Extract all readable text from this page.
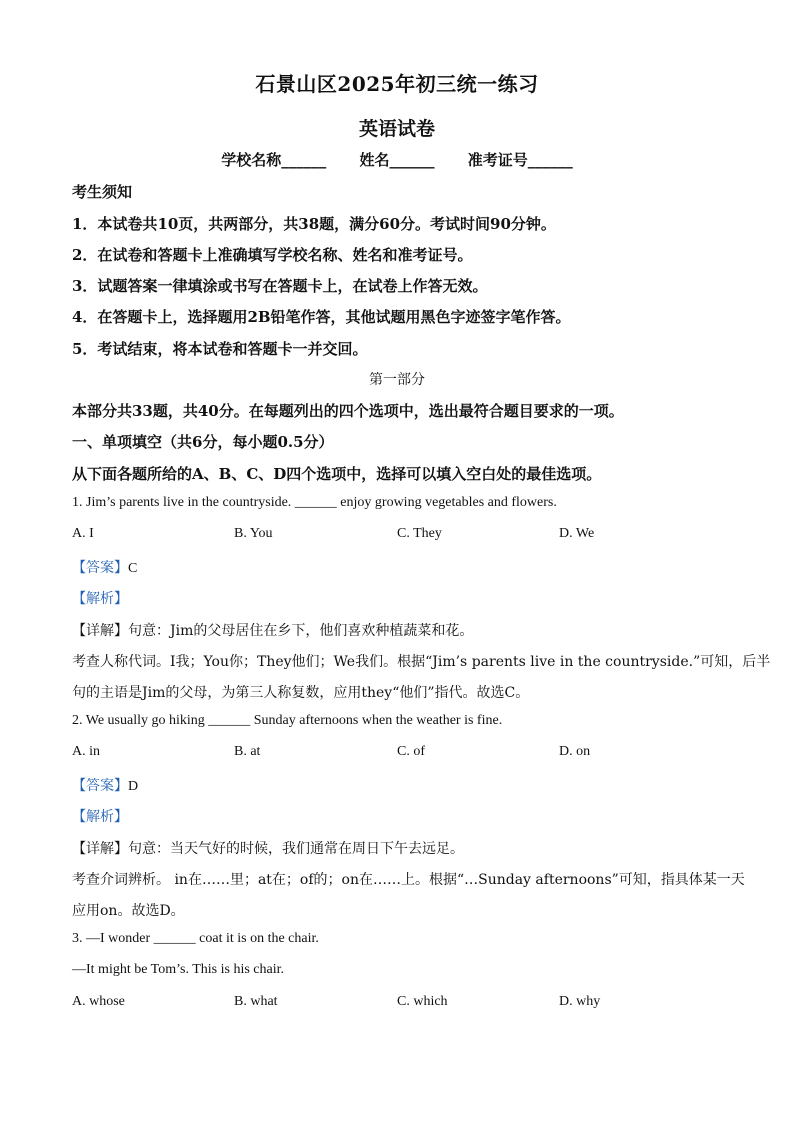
石景山区2025年初三统一练习
英语试卷
学校名称______ 姓名______ 准考证号______
考生须知
1．本试卷共10页，共两部分，共38题，满分60分。考试时间90分钟。
2．在试卷和答题卡上准确填写学校名称、姓名和准考证号。
3．试题答案一律填涂或书写在答题卡上，在试卷上作答无效。
4．在答题卡上，选择题用2B铅笔作答，其他试题用黑色字迹签字笔作答。
5．考试结束，将本试卷和答题卡一并交回。
第一部分
本部分共33题，共40分。在每题列出的四个选项中，选出最符合题目要求的一项。
一、单项填空（共6分，每小题0.5分）
从下面各题所给的A、B、C、D四个选项中，选择可以填入空白处的最佳选项。
1. Jim’s parents live in the countryside. ______ enjoy growing vegetables and flowers.
A. I	B. You	C. They	D. We
【答案】C
【解析】
【详解】句意：Jim的父母居住在乡下，他们喜欢种植蔬菜和花。
考查人称代词。I我；You你；They他们；We我们。根据“Jim’s parents live in the countryside.”可知，后半
句的主语是Jim的父母，为第三人称复数，应用they“他们”指代。故选C。
2. We usually go hiking ______ Sunday afternoons when the weather is fine.
A. in	B. at	C. of	D. on
【答案】D
【解析】
【详解】句意：当天气好的时候，我们通常在周日下午去远足。
考查介词辨析。 in在……里；at在；of的；on在……上。根据“…Sunday afternoons”可知，指具体某一天
应用on。故选D。
3. —I wonder ______ coat it is on the chair.
—It might be Tom’s. This is his chair.
A. whose	B. what	C. which	D. why
